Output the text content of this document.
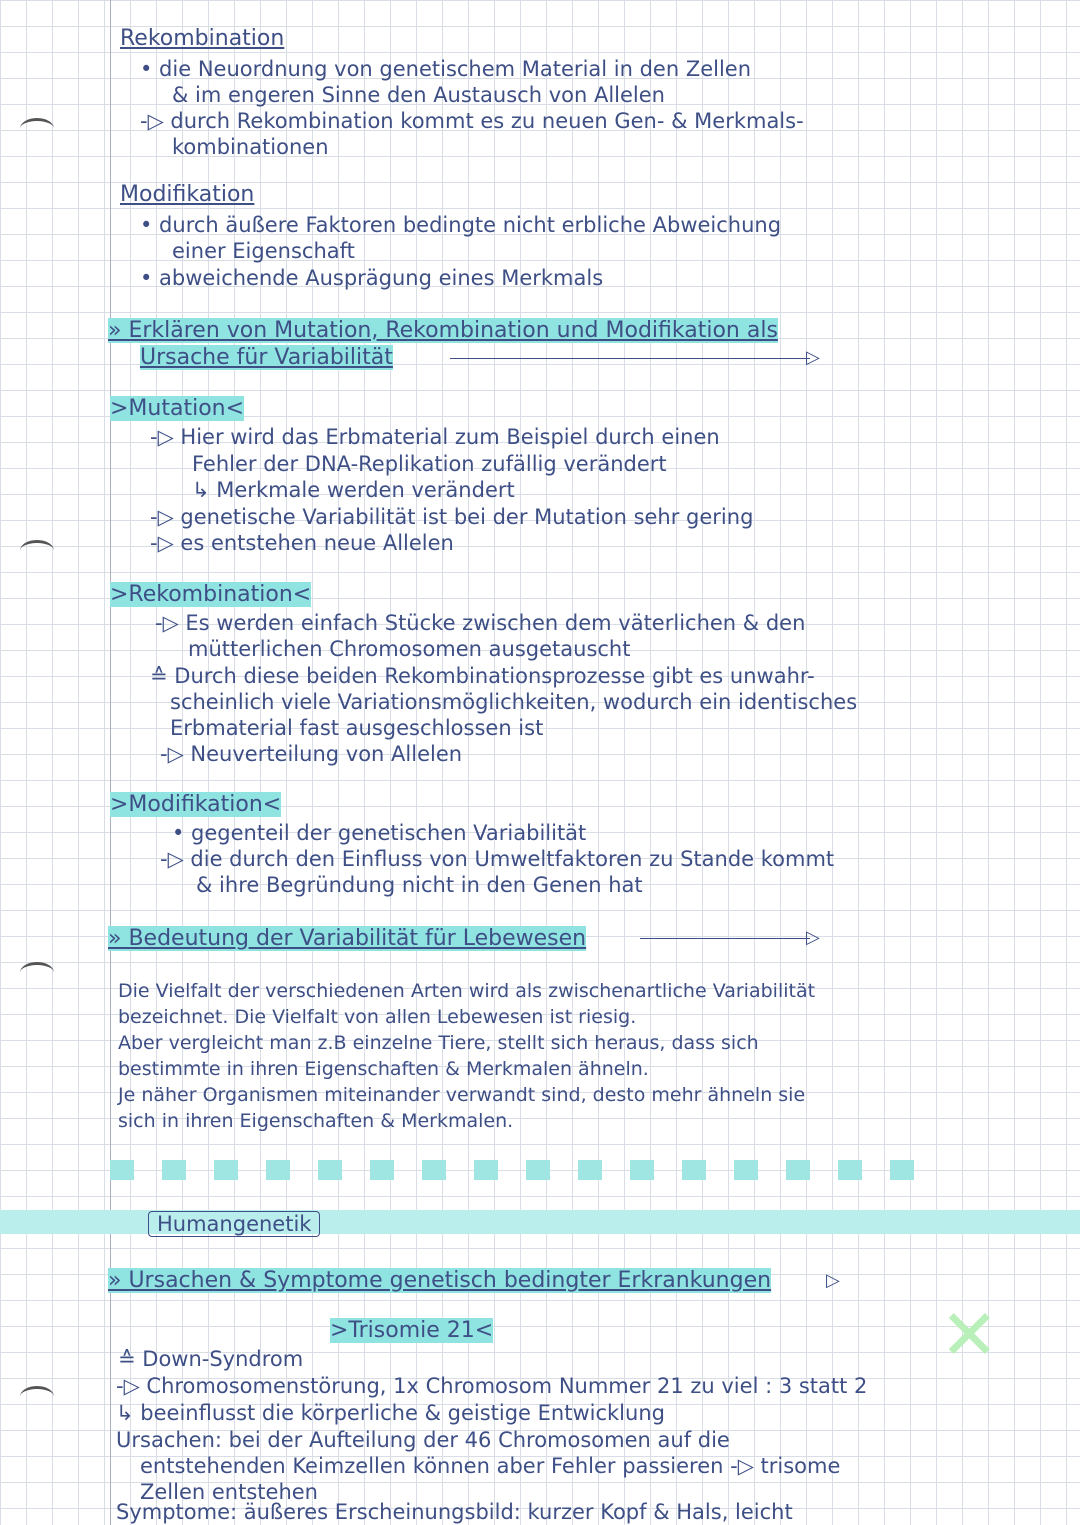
Rekombination
• die Neuordnung von genetischem Material in den Zellen
& im engeren Sinne den Austausch von Allelen
-▷ durch Rekombination kommt es zu neuen Gen- & Merkmals-
kombinationen
Modifikation
• durch äußere Faktoren bedingte nicht erbliche Abweichung
einer Eigenschaft
• abweichende Ausprägung eines Merkmals
» Erklären von Mutation, Rekombination und Modifikation als
Ursache für Variabilität	▷
>Mutation<
-▷ Hier wird das Erbmaterial zum Beispiel durch einen
Fehler der DNA-Replikation zufällig verändert
↳ Merkmale werden verändert
-▷ genetische Variabilität ist bei der Mutation sehr gering
-▷ es entstehen neue Allelen
>Rekombination<
-▷ Es werden einfach Stücke zwischen dem väterlichen & den
mütterlichen Chromosomen ausgetauscht
≙ Durch diese beiden Rekombinationsprozesse gibt es unwahr-
scheinlich viele Variationsmöglichkeiten, wodurch ein identisches
Erbmaterial fast ausgeschlossen ist
-▷ Neuverteilung von Allelen
>Modifikation<
• gegenteil der genetischen Variabilität
-▷ die durch den Einfluss von Umweltfaktoren zu Stande kommt
& ihre Begründung nicht in den Genen hat
» Bedeutung der Variabilität für Lebewesen	▷
Die Vielfalt der verschiedenen Arten wird als zwischenartliche Variabilität
bezeichnet. Die Vielfalt von allen Lebewesen ist riesig.
Aber vergleicht man z.B einzelne Tiere, stellt sich heraus, dass sich
bestimmte in ihren Eigenschaften & Merkmalen ähneln.
Je näher Organismen miteinander verwandt sind, desto mehr ähneln sie
sich in ihren Eigenschaften & Merkmalen.
Humangenetik
» Ursachen & Symptome genetisch bedingter Erkrankungen	▷
>Trisomie 21<
≙ Down-Syndrom
-▷ Chromosomenstörung, 1x Chromosom Nummer 21 zu viel : 3 statt 2
↳ beeinflusst die körperliche & geistige Entwicklung
Ursachen: bei der Aufteilung der 46 Chromosomen auf die
entstehenden Keimzellen können aber Fehler passieren -▷ trisome
Zellen entstehen
Symptome: äußeres Erscheinungsbild: kurzer Kopf & Hals, leicht
✕
